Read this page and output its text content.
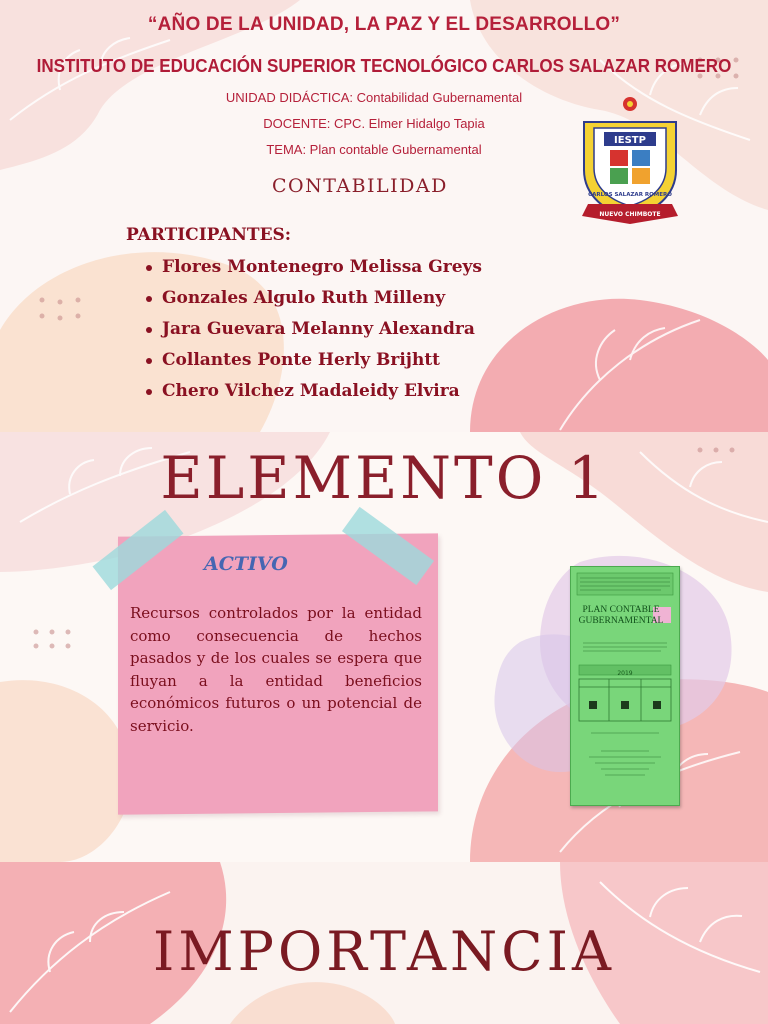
“AÑO DE LA UNIDAD, LA PAZ Y EL DESARROLLO”
INSTITUTO DE EDUCACIÓN SUPERIOR TECNOLÓGICO CARLOS SALAZAR ROMERO
UNIDAD DIDÁCTICA: Contabilidad Gubernamental
DOCENTE: CPC. Elmer Hidalgo Tapia
TEMA: Plan contable Gubernamental
CONTABILIDAD
PARTICIPANTES:
Flores Montenegro Melissa Greys
Gonzales Algulo Ruth Milleny
Jara Guevara Melanny Alexandra
Collantes Ponte Herly Brijhtt
Chero Vilchez Madaleidy Elvira
IESTP
CARLOS SALAZAR ROMERO
NUEVO CHIMBOTE
ELEMENTO 1
ACTIVO
Recursos controlados por la entidad como consecuencia de hechos pasados y de los cuales se espera que fluyan a la entidad beneficios económicos futuros o un potencial de servicio.
PLAN CONTABLE GUBERNAMENTAL
2019
IMPORTANCIA
